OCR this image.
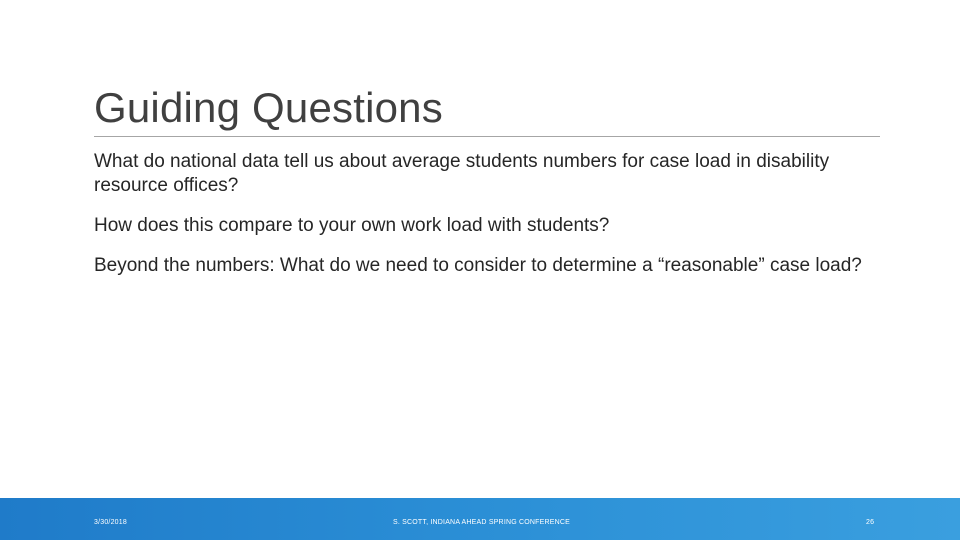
Guiding Questions

What do national data tell us about average students numbers for case load in disability resource offices?

How does this compare to your own work load with students?

Beyond the numbers: What do we need to consider to determine a “reasonable” case load?

3/30/2018	S. SCOTT, INDIANA AHEAD SPRING CONFERENCE	26
